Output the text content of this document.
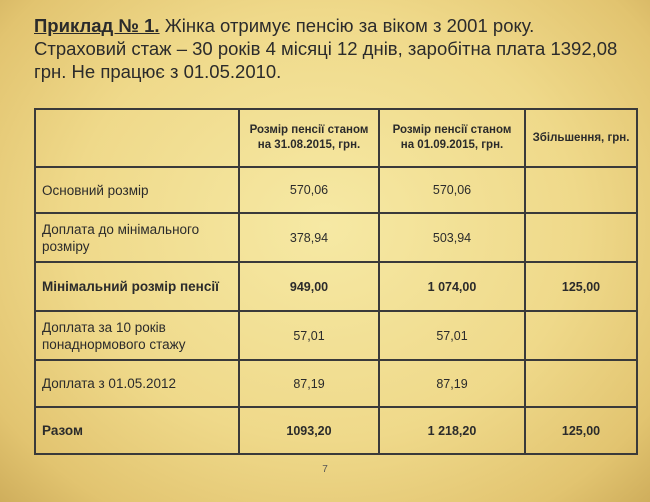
Приклад № 1. Жінка отримує пенсію за віком з 2001 року.
Страховий стаж – 30 років 4 місяці 12 днів, заробітна плата 1392,08
грн. Не працює з 01.05.2010.
	Розмір пенсії станом на 31.08.2015, грн.	Розмір пенсії станом на 01.09.2015, грн.	Збільшення, грн.
Основний розмір	570,06	570,06	
Доплата до мінімального розміру	378,94	503,94	
Мінімальний розмір пенсії	949,00	1 074,00	125,00
Доплата за 10 років понаднормового стажу	57,01	57,01	
Доплата з 01.05.2012	87,19	87,19	
Разом	1093,20	1 218,20	125,00
7
